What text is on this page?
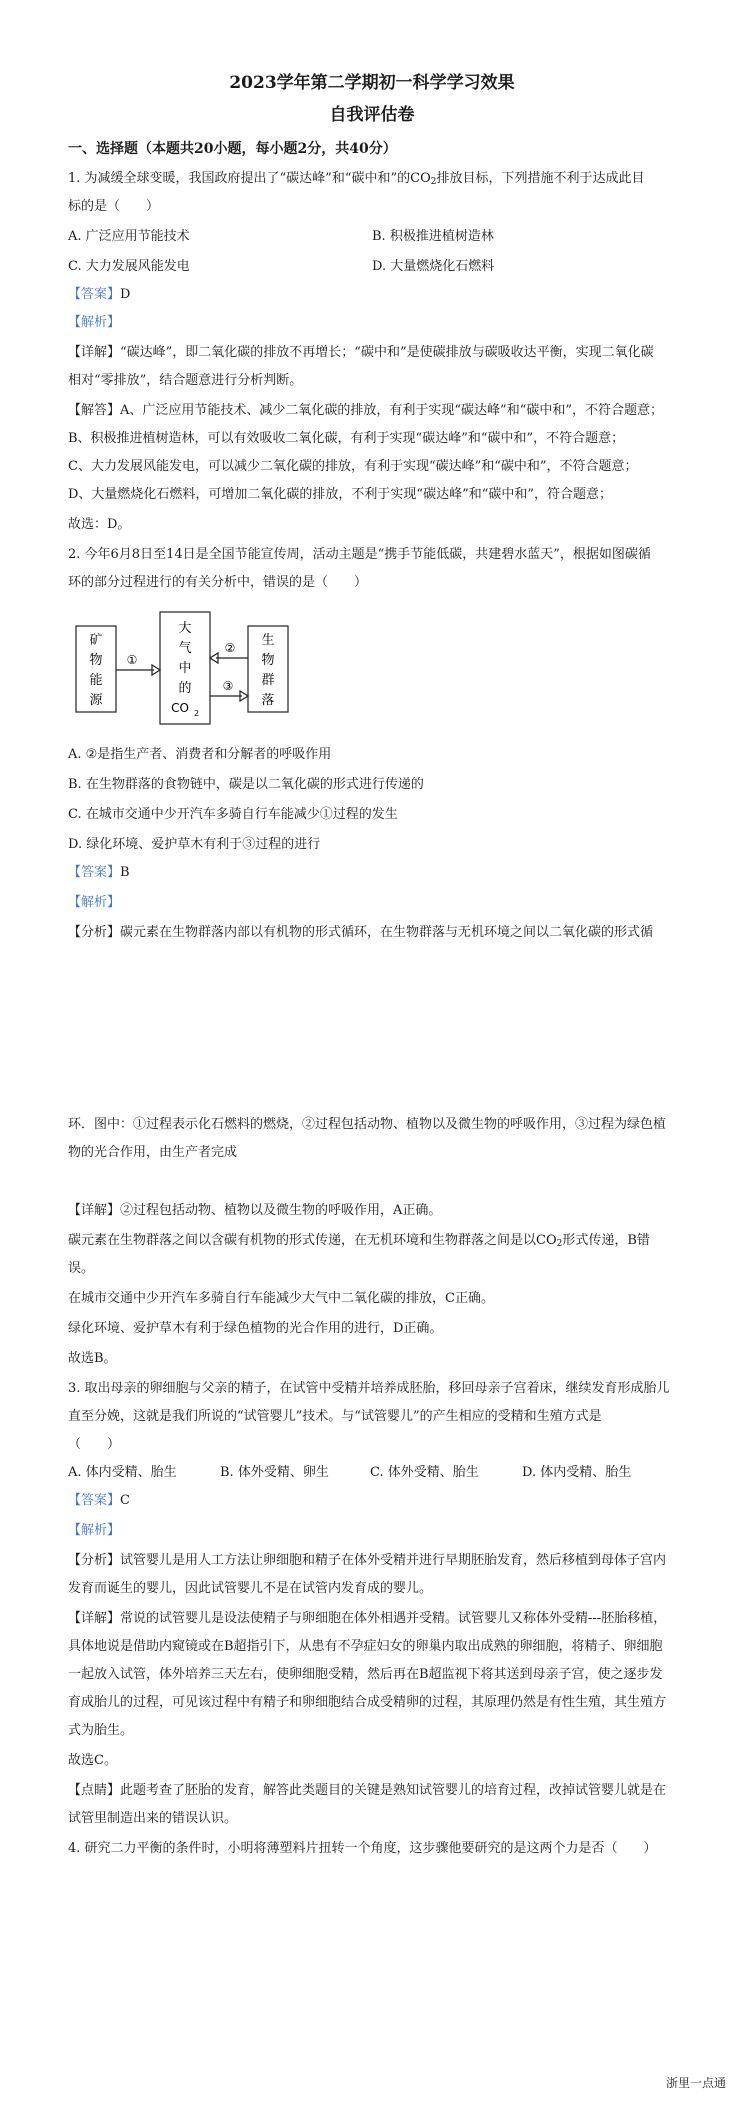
2023学年第二学期初一科学学习效果
自我评估卷
一、选择题（本题共20小题，每小题2分，共40分）
1. 为减缓全球变暖，我国政府提出了“碳达峰”和“碳中和”的$CO_2$排放目标，下列措施不利于达成此目
标的是（　　）
A. 广泛应用节能技术	B. 积极推进植树造林
C. 大力发展风能发电	D. 大量燃烧化石燃料
【答案】D
【解析】
【详解】“碳达峰”，即二氧化碳的排放不再增长；“碳中和”是使碳排放与碳吸收达平衡，实现二氧化碳
相对“零排放”，结合题意进行分析判断。
【解答】A、广泛应用节能技术、减少二氧化碳的排放，有利于实现“碳达峰”和“碳中和”，不符合题意；
B、积极推进植树造林，可以有效吸收二氧化碳，有利于实现“碳达峰”和“碳中和”，不符合题意；
C、大力发展风能发电，可以减少二氧化碳的排放，有利于实现“碳达峰”和“碳中和”，不符合题意；
D、大量燃烧化石燃料，可增加二氧化碳的排放，不利于实现“碳达峰”和“碳中和”，符合题意；
故选：D。
2. 今年6月8日至14日是全国节能宣传周，活动主题是“携手节能低碳，共建碧水蓝天”，根据如图碳循
环的部分过程进行的有关分析中，错误的是（　　）
矿
物
能
源
大
气
中
的
CO 2
生
物
群
落
①
②
③
A. ②是指生产者、消费者和分解者的呼吸作用
B. 在生物群落的食物链中，碳是以二氧化碳的形式进行传递的
C. 在城市交通中少开汽车多骑自行车能减少①过程的发生
D. 绿化环境、爱护草木有利于③过程的进行
【答案】B
【解析】
【分析】碳元素在生物群落内部以有机物的形式循环，在生物群落与无机环境之间以二氧化碳的形式循
环．图中：①过程表示化石燃料的燃烧，②过程包括动物、植物以及微生物的呼吸作用，③过程为绿色植
物的光合作用，由生产者完成
【详解】②过程包括动物、植物以及微生物的呼吸作用，A正确。
碳元素在生物群落之间以含碳有机物的形式传递，在无机环境和生物群落之间是以$CO_2$形式传递，B错
误。
在城市交通中少开汽车多骑自行车能减少大气中二氧化碳的排放，C正确。
绿化环境、爱护草木有利于绿色植物的光合作用的进行，D正确。
故选B。
3. 取出母亲的卵细胞与父亲的精子，在试管中受精并培养成胚胎，移回母亲子宫着床，继续发育形成胎儿
直至分娩，这就是我们所说的“试管婴儿”技术。与“试管婴儿”的产生相应的受精和生殖方式是
（　　）
A. 体内受精、胎生	B. 体外受精、卵生	C. 体外受精、胎生	D. 体内受精、胎生
【答案】C
【解析】
【分析】试管婴儿是用人工方法让卵细胞和精子在体外受精并进行早期胚胎发育，然后移植到母体子宫内
发育而诞生的婴儿，因此试管婴儿不是在试管内发育成的婴儿。
【详解】常说的试管婴儿是设法使精子与卵细胞在体外相遇并受精。试管婴儿又称体外受精---胚胎移植，
具体地说是借助内窥镜或在B超指引下，从患有不孕症妇女的卵巢内取出成熟的卵细胞，将精子、卵细胞
一起放入试管，体外培养三天左右，使卵细胞受精，然后再在B超监视下将其送到母亲子宫，使之逐步发
育成胎儿的过程，可见该过程中有精子和卵细胞结合成受精卵的过程，其原理仍然是有性生殖，其生殖方
式为胎生。
故选C。
【点睛】此题考查了胚胎的发育，解答此类题目的关键是熟知试管婴儿的培育过程，改掉试管婴儿就是在
试管里制造出来的错误认识。
4. 研究二力平衡的条件时，小明将薄塑料片扭转一个角度，这步骤他要研究的是这两个力是否（　　）
浙里一点通
